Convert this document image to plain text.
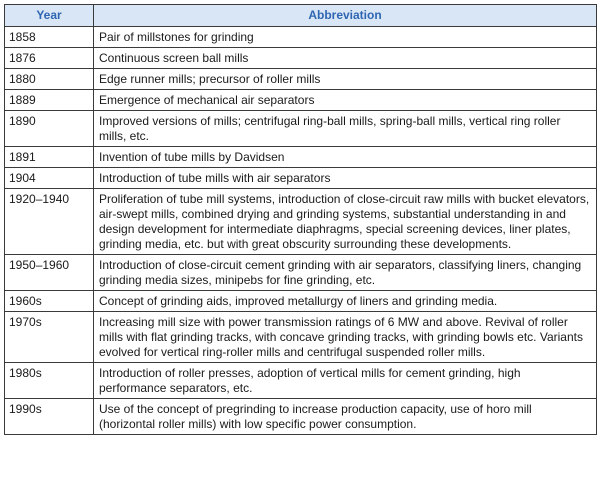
Year	Abbreviation
1858	Pair of millstones for grinding
1876	Continuous screen ball mills
1880	Edge runner mills; precursor of roller mills
1889	Emergence of mechanical air separators
1890	Improved versions of mills; centrifugal ring-ball mills, spring-ball mills, vertical ring roller mills, etc.
1891	Invention of tube mills by Davidsen
1904	Introduction of tube mills with air separators
1920–1940	Proliferation of tube mill systems, introduction of close-circuit raw mills with bucket elevators, air-swept mills, combined drying and grinding systems, substantial understanding in and design development for intermediate diaphragms, special screening devices, liner plates, grinding media, etc. but with great obscurity surrounding these developments.
1950–1960	Introduction of close-circuit cement grinding with air separators, classifying liners, changing grinding media sizes, minipebs for fine grinding, etc.
1960s	Concept of grinding aids, improved metallurgy of liners and grinding media.
1970s	Increasing mill size with power transmission ratings of 6 MW and above. Revival of roller mills with flat grinding tracks, with concave grinding tracks, with grinding bowls etc. Variants evolved for vertical ring-roller mills and centrifugal suspended roller mills.
1980s	Introduction of roller presses, adoption of vertical mills for cement grinding, high performance separators, etc.
1990s	Use of the concept of pregrinding to increase production capacity, use of horo mill (horizontal roller mills) with low specific power consumption.
